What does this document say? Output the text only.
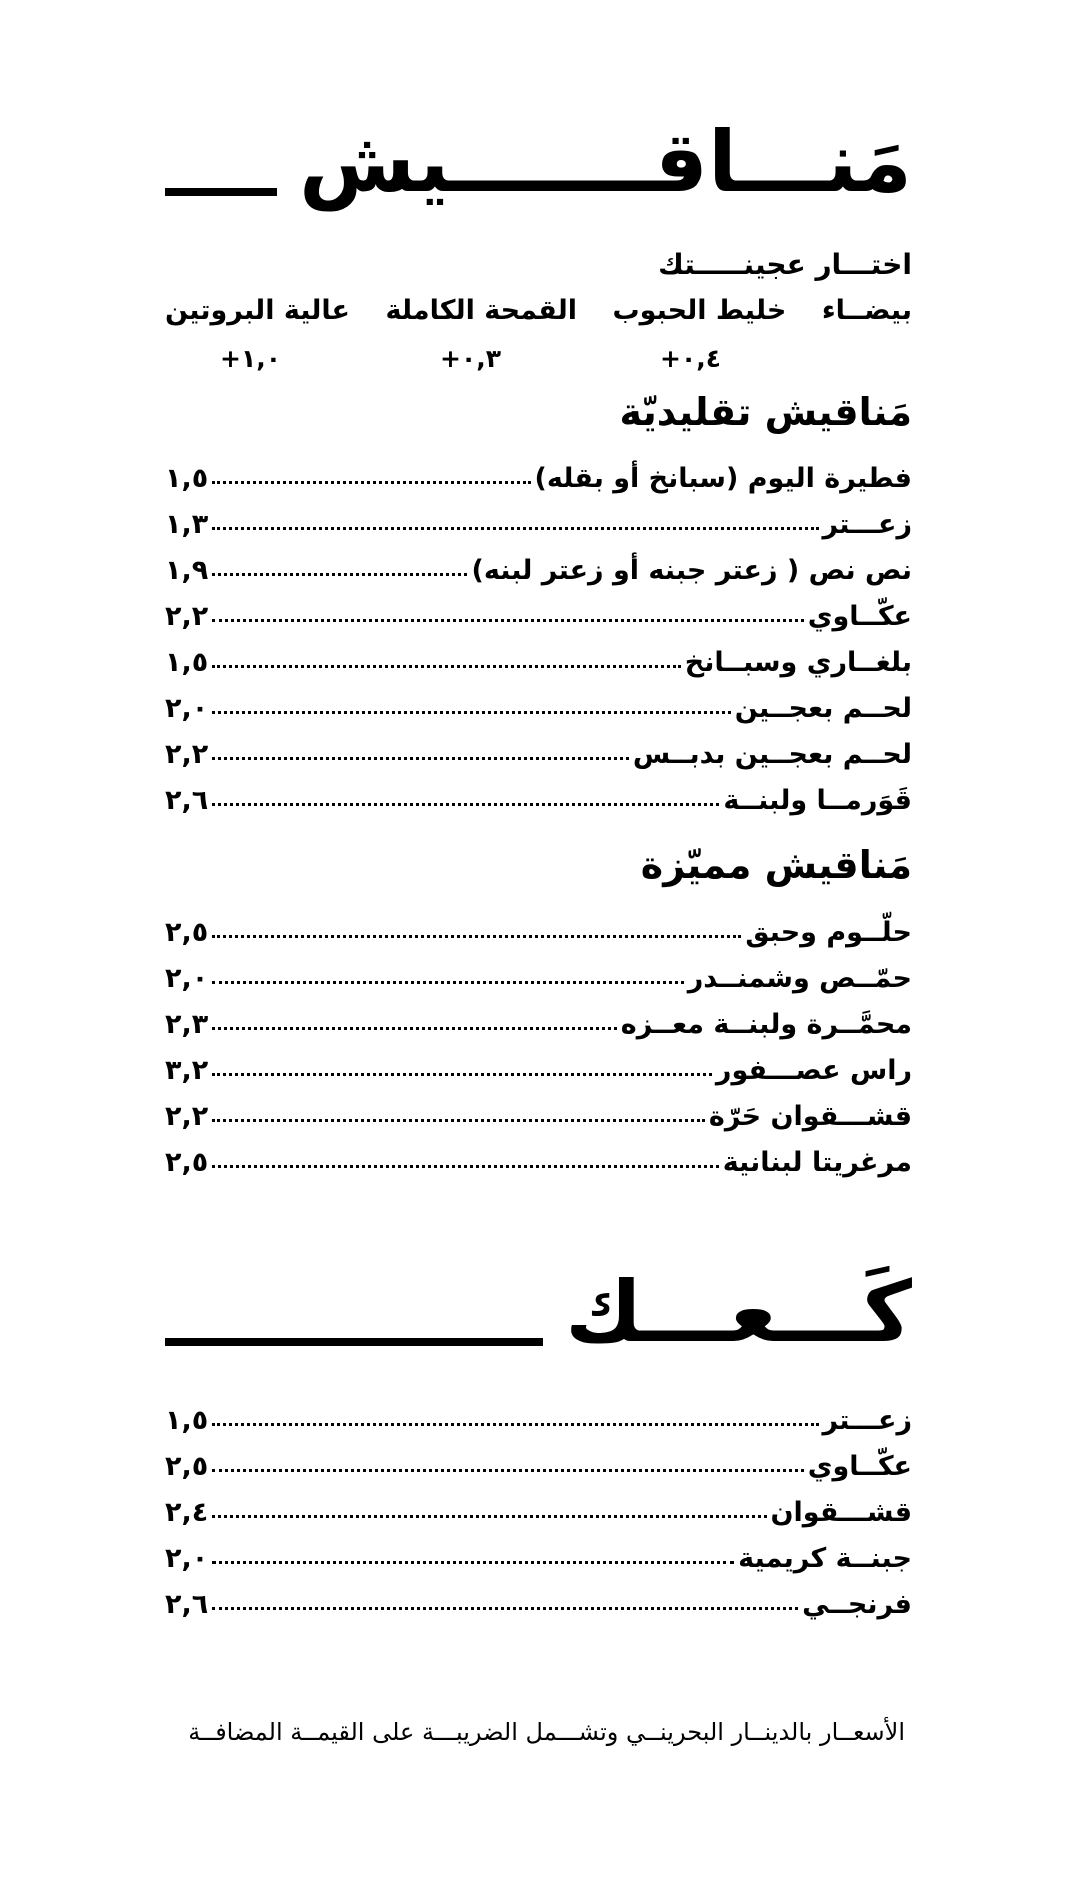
مَنـــاقـــــــيش
اختـــار عجينـــــتك
بيضــاء
خليط الحبوب
القمحة الكاملة
عالية البروتين
+٠,٤
+٠,٣
+١,٠
مَناقيش تقليديّة
فطيرة اليوم (سبانخ أو بقله)
١,٥
زعـــتر
١,٣
نص نص ( زعتر جبنه أو زعتر لبنه)
١,٩
عكّــاوي
٢,٢
بلغــاري وسبــانخ
١,٥
لحــم بعجــين
٢,٠
لحــم بعجــين بدبــس
٢,٢
قَوَرمــا ولبنــة
٢,٦
مَناقيش مميّزة
حلّــوم وحبق
٢,٥
حمّــص وشمنــدر
٢,٠
محمَّــرة ولبنــة معــزه
٢,٣
راس عصـــفور
٣,٢
قشـــقوان حَرّة
٢,٢
مرغريتا لبنانية
٢,٥
كَـــعـــك
زعـــتر
١,٥
عكّــاوي
٢,٥
قشـــقوان
٢,٤
جبنــة كريمية
٢,٠
فرنجــي
٢,٦
الأسعــار بالدينــار البحرينــي وتشـــمل الضريبـــة على القيمــة المضافــة
